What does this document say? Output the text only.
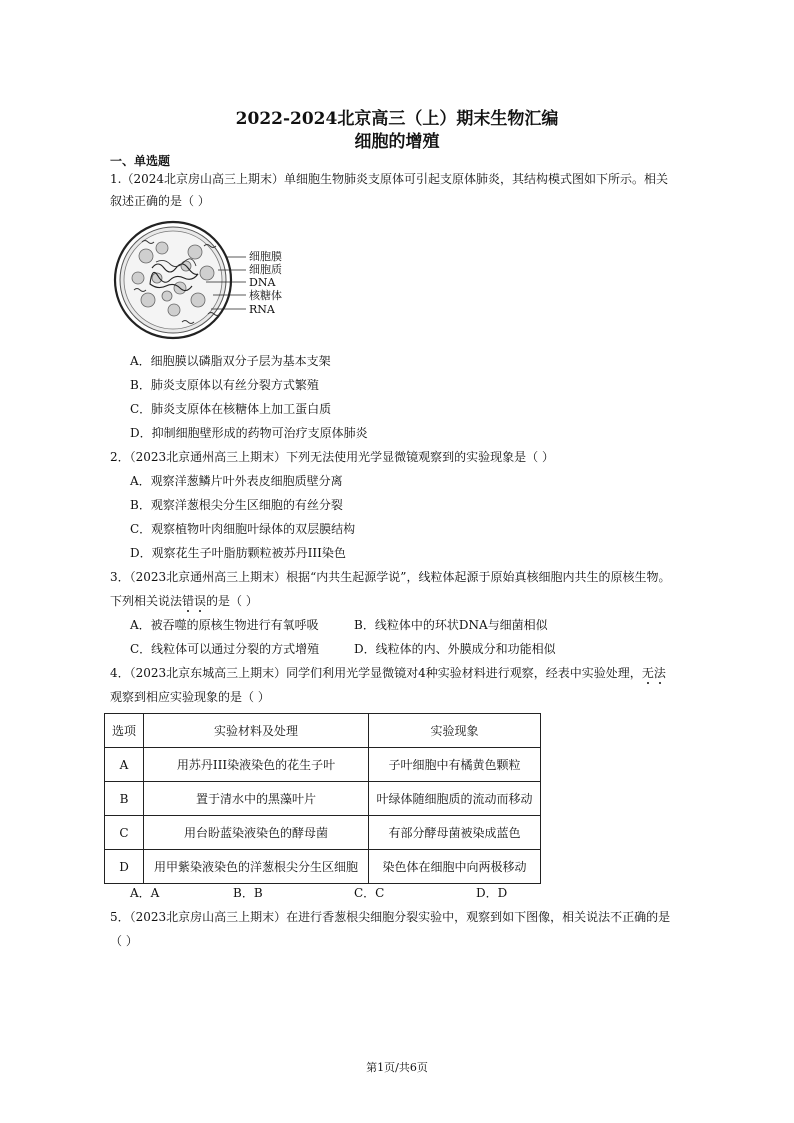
2022-2024北京高三（上）期末生物汇编
细胞的增殖
一、单选题
1.（2024北京房山高三上期末）单细胞生物肺炎支原体可引起支原体肺炎，其结构模式图如下所示。相关
叙述正确的是（ ）
细胞膜
细胞质
DNA
核糖体
RNA
A．细胞膜以磷脂双分子层为基本支架
B．肺炎支原体以有丝分裂方式繁殖
C．肺炎支原体在核糖体上加工蛋白质
D．抑制细胞壁形成的药物可治疗支原体肺炎
2．（2023北京通州高三上期末）下列无法使用光学显微镜观察到的实验现象是（ ）
A．观察洋葱鳞片叶外表皮细胞质壁分离
B．观察洋葱根尖分生区细胞的有丝分裂
C．观察植物叶肉细胞叶绿体的双层膜结构
D．观察花生子叶脂肪颗粒被苏丹III染色
3．（2023北京通州高三上期末）根据“内共生起源学说”，线粒体起源于原始真核细胞内共生的原核生物。
下列相关说法错误的是（ ）
A．被吞噬的原核生物进行有氧呼吸	B．线粒体中的环状DNA与细菌相似
C．线粒体可以通过分裂的方式增殖	D．线粒体的内、外膜成分和功能相似
4．（2023北京东城高三上期末）同学们利用光学显微镜对4种实验材料进行观察，经表中实验处理，无法
观察到相应实验现象的是（ ）
选项	实验材料及处理	实验现象
A	用苏丹III染液染色的花生子叶	子叶细胞中有橘黄色颗粒
B	置于清水中的黑藻叶片	叶绿体随细胞质的流动而移动
C	用台盼蓝染液染色的酵母菌	有部分酵母菌被染成蓝色
D	用甲紫染液染色的洋葱根尖分生区细胞	染色体在细胞中向两极移动
A．A	B．B	C．C	D．D
5．（2023北京房山高三上期末）在进行香葱根尖细胞分裂实验中，观察到如下图像，相关说法不正确的是
（ ）
第1页/共6页
